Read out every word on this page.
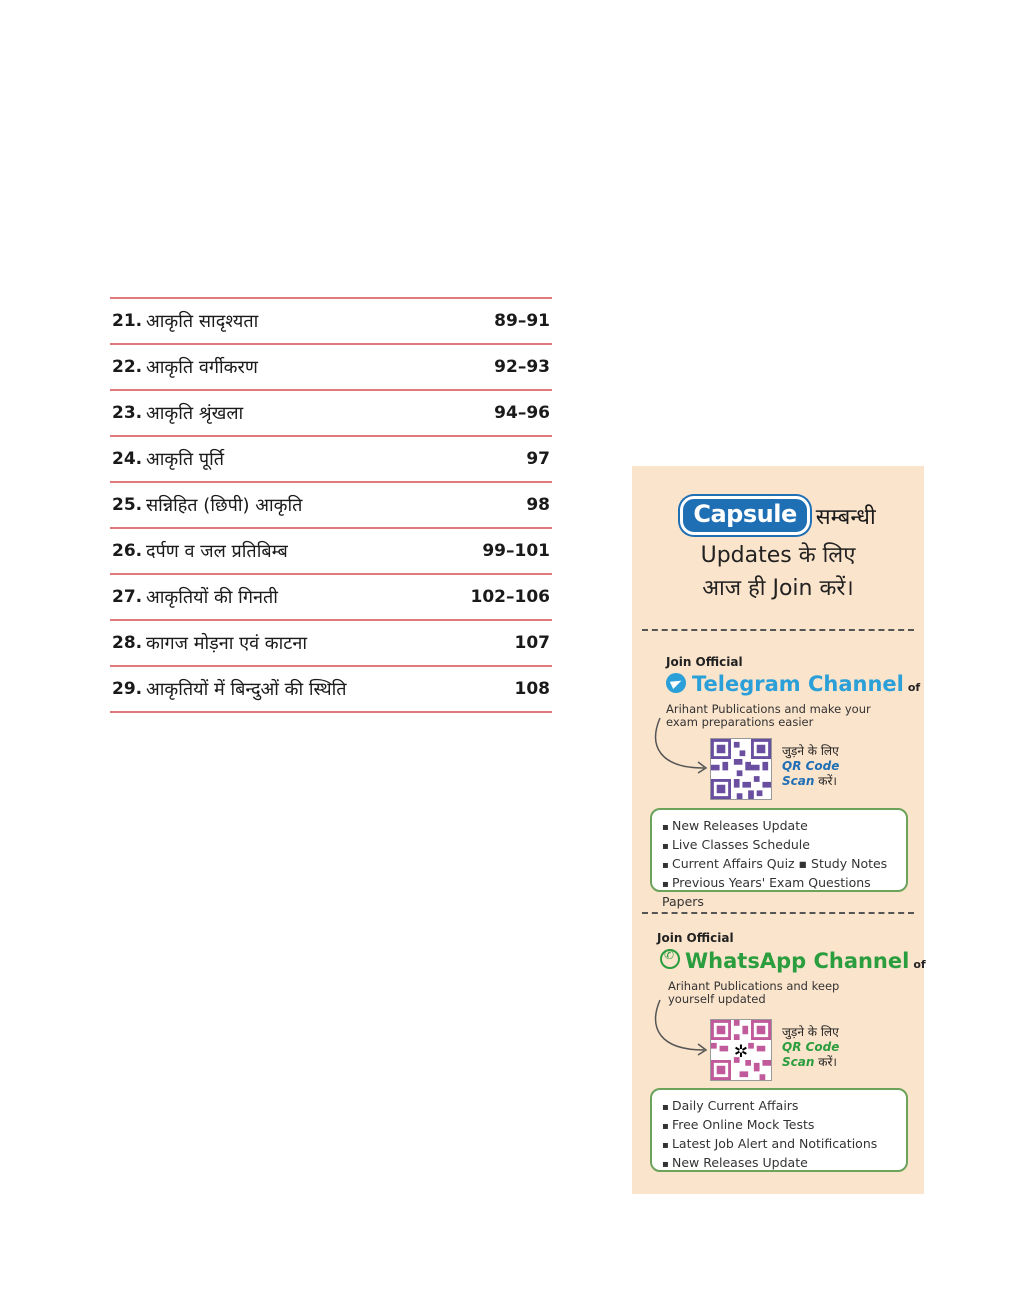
21. आकृति सादृश्यता	89–91
22. आकृति वर्गीकरण	92–93
23. आकृति श्रृंखला	94–96
24. आकृति पूर्ति	97
25. सन्निहित (छिपी) आकृति	98
26. दर्पण व जल प्रतिबिम्ब	99–101
27. आकृतियों की गिनती	102–106
28. कागज मोड़ना एवं काटना	107
29. आकृतियों में बिन्दुओं की स्थिति	108
Capsule सम्बन्धी
Updates के लिए
आज ही Join करें।
Join Official
Telegram Channel of
Arihant Publications and make your exam preparations easier
जुड़ने के लिए
QR Code
Scan करें।
▪ New Releases Update
▪ Live Classes Schedule
▪ Current Affairs Quiz ▪ Study Notes
▪ Previous Years' Exam Questions Papers
Join Official
✆WhatsApp Channel of
Arihant Publications and keep yourself updated
✲
जुड़ने के लिए
QR Code
Scan करें।
▪ Daily Current Affairs
▪ Free Online Mock Tests
▪ Latest Job Alert and Notifications
▪ New Releases Update
